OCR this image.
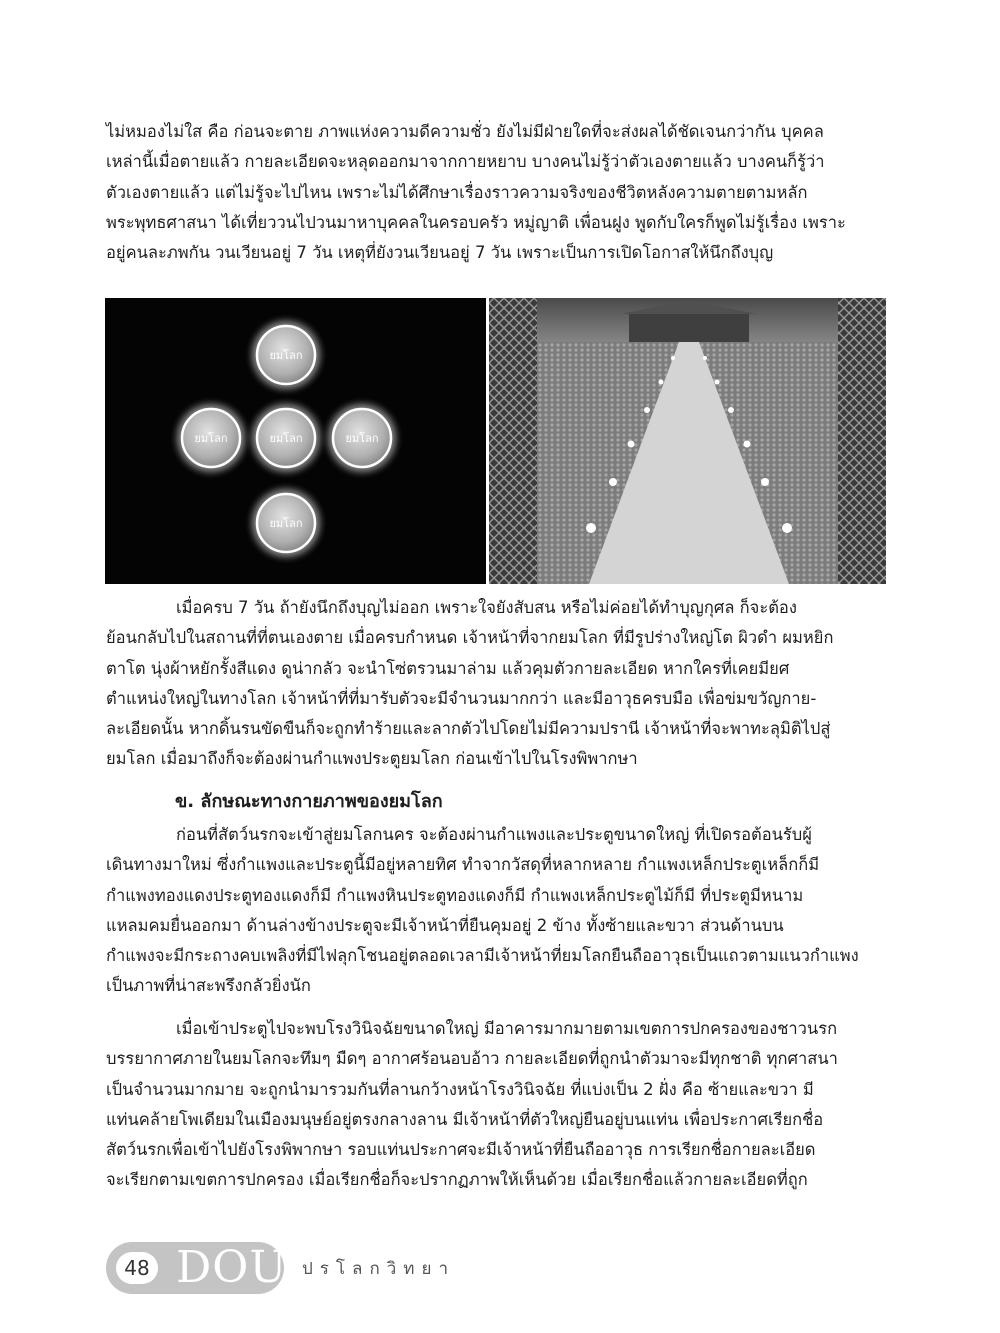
ไม่หมองไม่ใส คือ ก่อนจะตาย ภาพแห่งความดีความชั่ว ยังไม่มีฝ่ายใดที่จะส่งผลได้ชัดเจนกว่ากัน บุคคล
เหล่านี้เมื่อตายแล้ว กายละเอียดจะหลุดออกมาจากกายหยาบ บางคนไม่รู้ว่าตัวเองตายแล้ว บางคนก็รู้ว่า
ตัวเองตายแล้ว แต่ไม่รู้จะไปไหน เพราะไม่ได้ศึกษาเรื่องราวความจริงของชีวิตหลังความตายตามหลัก
พระพุทธศาสนา ได้เที่ยววนไปวนมาหาบุคคลในครอบครัว หมู่ญาติ เพื่อนฝูง พูดกับใครก็พูดไม่รู้เรื่อง เพราะ
อยู่คนละภพกัน วนเวียนอยู่ 7 วัน เหตุที่ยังวนเวียนอยู่ 7 วัน เพราะเป็นการเปิดโอกาสให้นึกถึงบุญ
ยมโลก
ยมโลก	ยมโลก	ยมโลก
ยมโลก
เมื่อครบ 7 วัน ถ้ายังนึกถึงบุญไม่ออก เพราะใจยังสับสน หรือไม่ค่อยได้ทำบุญกุศล ก็จะต้อง
ย้อนกลับไปในสถานที่ที่ตนเองตาย เมื่อครบกำหนด เจ้าหน้าที่จากยมโลก ที่มีรูปร่างใหญ่โต ผิวดำ ผมหยิก
ตาโต นุ่งผ้าหยักรั้งสีแดง ดูน่ากลัว จะนำโซ่ตรวนมาล่าม แล้วคุมตัวกายละเอียด หากใครที่เคยมียศ
ตำแหน่งใหญ่ในทางโลก เจ้าหน้าที่ที่มารับตัวจะมีจำนวนมากกว่า และมีอาวุธครบมือ เพื่อข่มขวัญกาย-
ละเอียดนั้น หากดิ้นรนขัดขืนก็จะถูกทำร้ายและลากตัวไปโดยไม่มีความปรานี เจ้าหน้าที่จะพาทะลุมิติไปสู่
ยมโลก เมื่อมาถึงก็จะต้องผ่านกำแพงประตูยมโลก ก่อนเข้าไปในโรงพิพากษา
ข. ลักษณะทางกายภาพของยมโลก
ก่อนที่สัตว์นรกจะเข้าสู่ยมโลกนคร จะต้องผ่านกำแพงและประตูขนาดใหญ่ ที่เปิดรอต้อนรับผู้
เดินทางมาใหม่ ซึ่งกำแพงและประตูนี้มีอยู่หลายทิศ ทำจากวัสดุที่หลากหลาย กำแพงเหล็กประตูเหล็กก็มี
กำแพงทองแดงประตูทองแดงก็มี กำแพงหินประตูทองแดงก็มี กำแพงเหล็กประตูไม้ก็มี ที่ประตูมีหนาม
แหลมคมยื่นออกมา ด้านล่างข้างประตูจะมีเจ้าหน้าที่ยืนคุมอยู่ 2 ข้าง ทั้งซ้ายและขวา ส่วนด้านบน
กำแพงจะมีกระถางคบเพลิงที่มีไฟลุกโชนอยู่ตลอดเวลามีเจ้าหน้าที่ยมโลกยืนถืออาวุธเป็นแถวตามแนวกำแพง
เป็นภาพที่น่าสะพรึงกลัวยิ่งนัก
เมื่อเข้าประตูไปจะพบโรงวินิจฉัยขนาดใหญ่ มีอาคารมากมายตามเขตการปกครองของชาวนรก
บรรยากาศภายในยมโลกจะทึมๆ มืดๆ อากาศร้อนอบอ้าว กายละเอียดที่ถูกนำตัวมาจะมีทุกชาติ ทุกศาสนา
เป็นจำนวนมากมาย จะถูกนำมารวมกันที่ลานกว้างหน้าโรงวินิจฉัย ที่แบ่งเป็น 2 ฝั่ง คือ ซ้ายและขวา มี
แท่นคล้ายโพเดียมในเมืองมนุษย์อยู่ตรงกลางลาน มีเจ้าหน้าที่ตัวใหญ่ยืนอยู่บนแท่น เพื่อประกาศเรียกชื่อ
สัตว์นรกเพื่อเข้าไปยังโรงพิพากษา รอบแท่นประกาศจะมีเจ้าหน้าที่ยืนถืออาวุธ การเรียกชื่อกายละเอียด
จะเรียกตามเขตการปกครอง เมื่อเรียกชื่อก็จะปรากฏภาพให้เห็นด้วย เมื่อเรียกชื่อแล้วกายละเอียดที่ถูก
48 DOU ปรโลกวิทยา
